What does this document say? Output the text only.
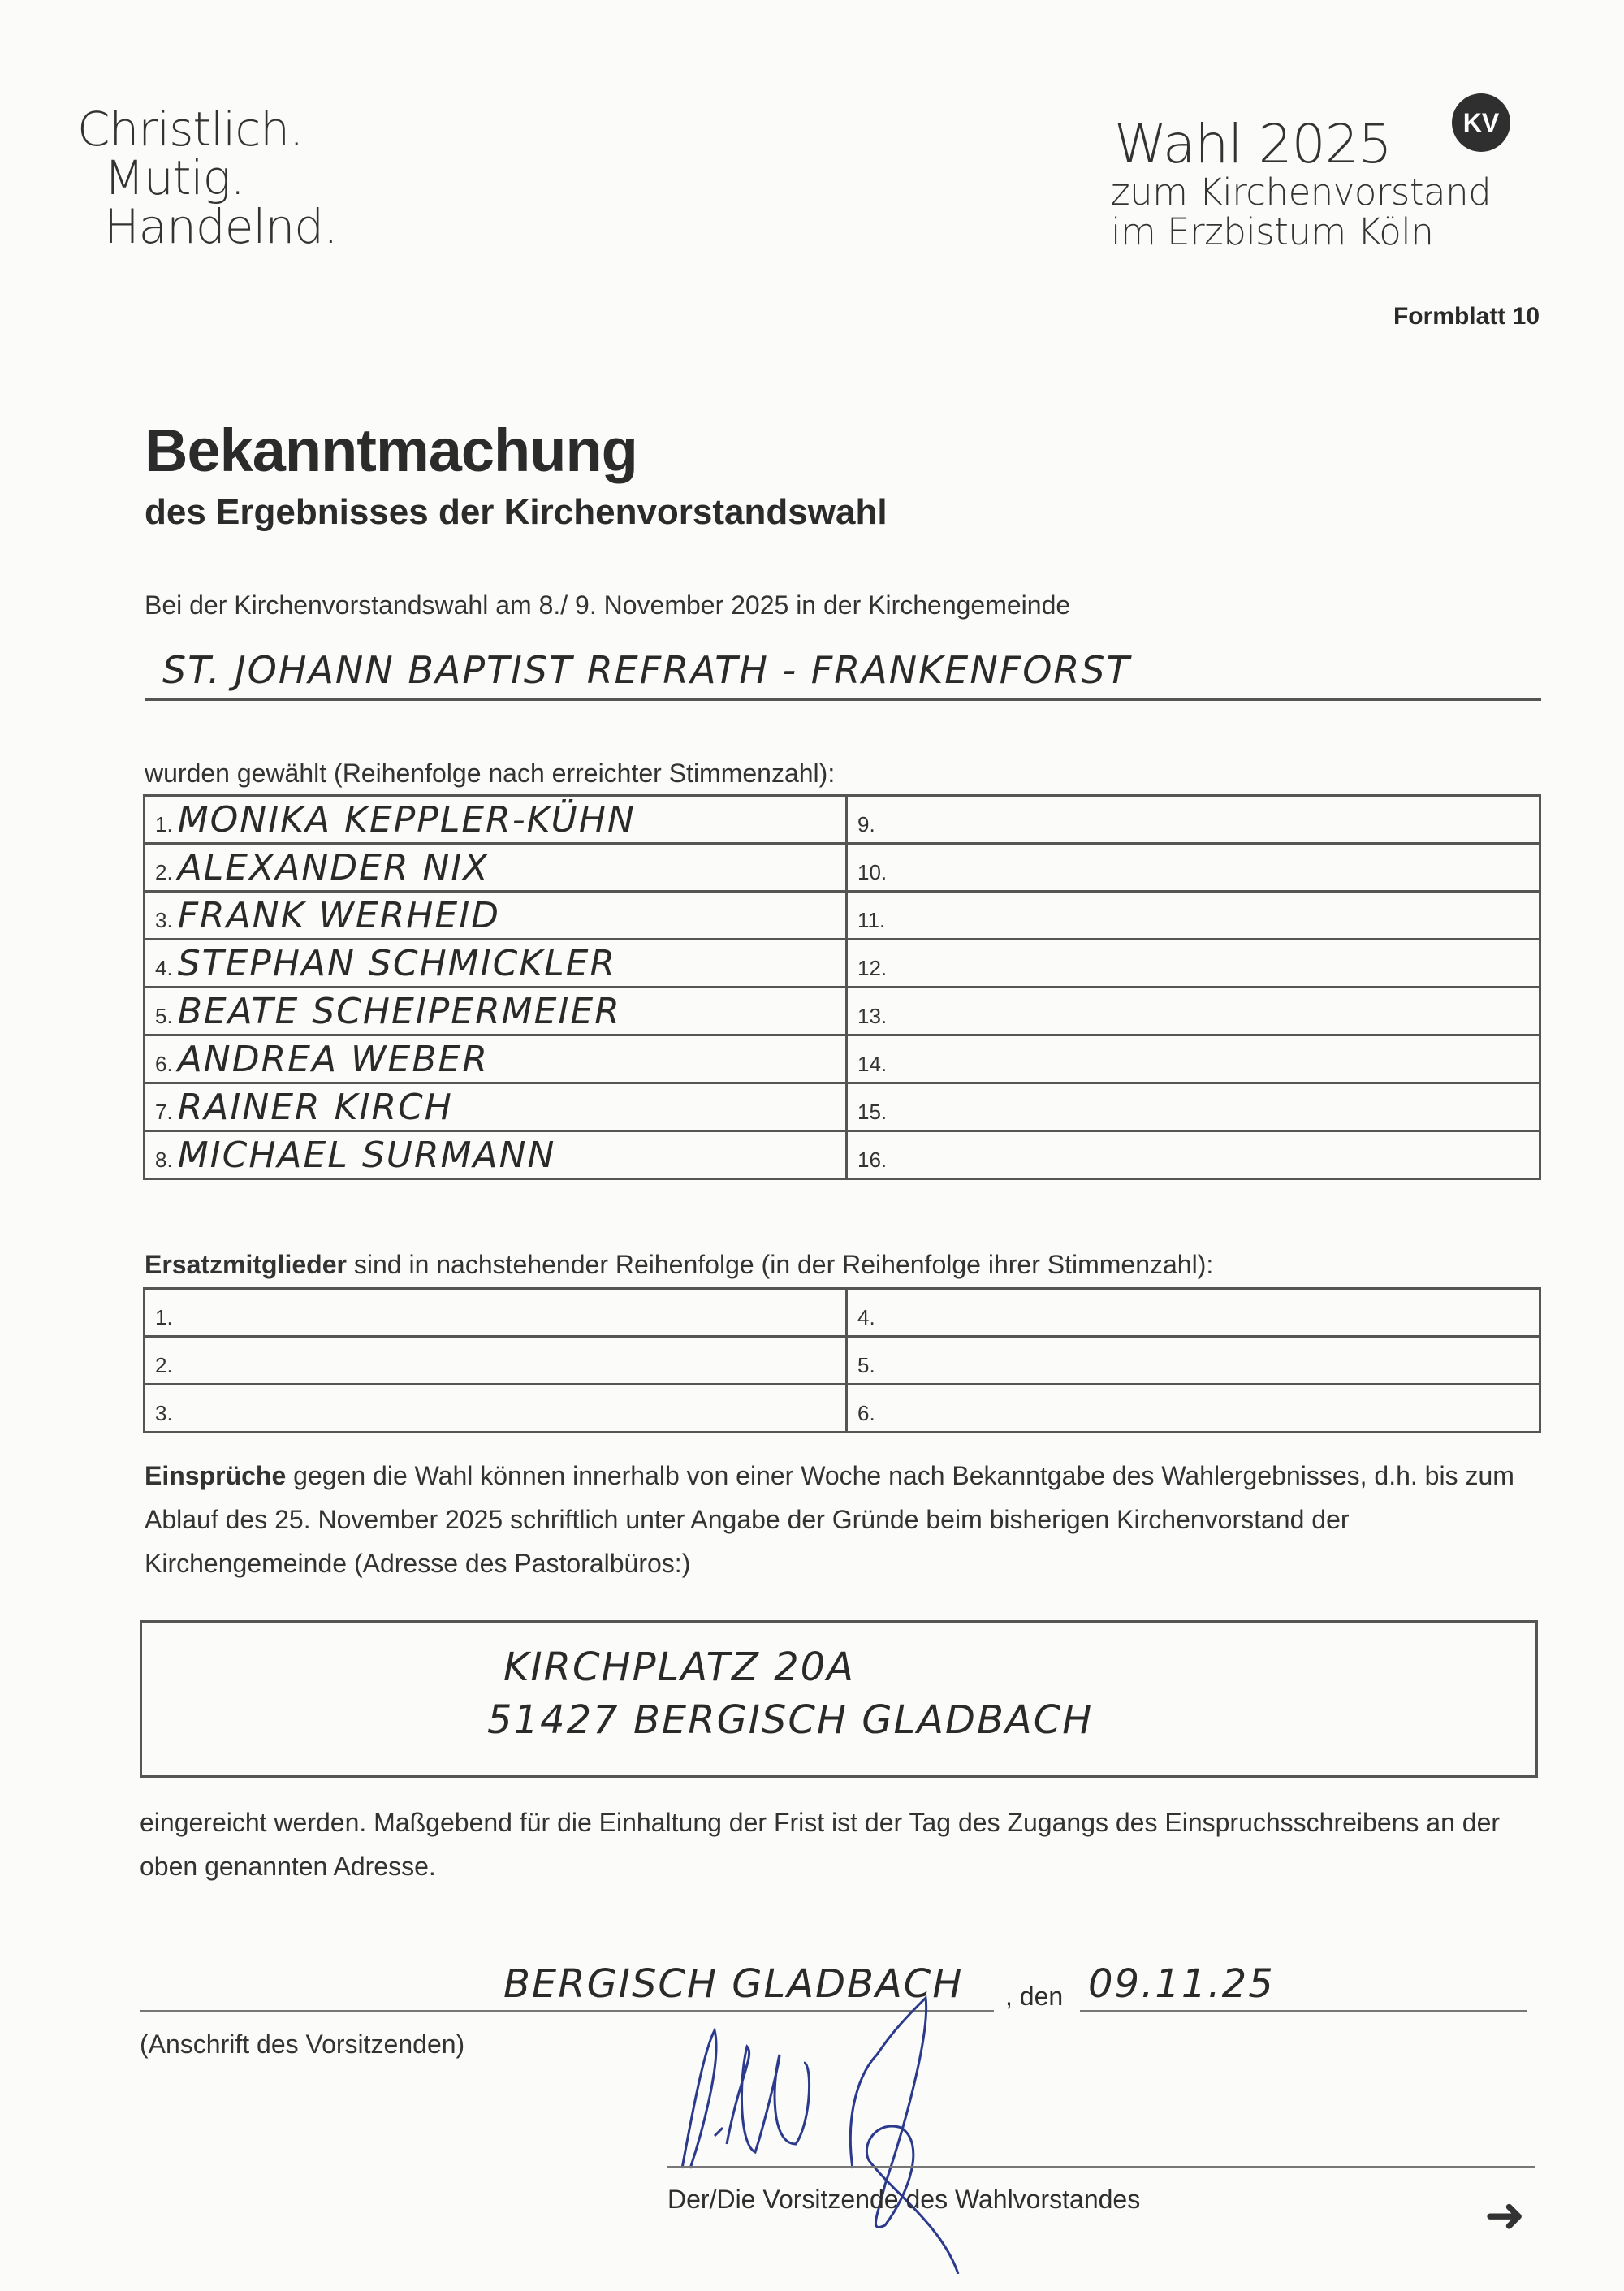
Christlich.
Mutig.
Handelnd.
Wahl 2025	KV
zum Kirchenvorstand
im Erzbistum Köln
Formblatt 10
Bekanntmachung
des Ergebnisses der Kirchenvorstandswahl
Bei der Kirchenvorstandswahl am 8./ 9. November 2025 in der Kirchengemeinde
ST. JOHANN BAPTIST REFRATH - FRANKENFORST
wurden gewählt (Reihenfolge nach erreichter Stimmenzahl):
1. MONIKA KEPPLER-KÜHN	9.
2. ALEXANDER NIX	10.
3. FRANK WERHEID	11.
4. STEPHAN SCHMICKLER	12.
5. BEATE SCHEIPERMEIER	13.
6. ANDREA WEBER	14.
7. RAINER KIRCH	15.
8. MICHAEL SURMANN	16.
Ersatzmitglieder sind in nachstehender Reihenfolge (in der Reihenfolge ihrer Stimmenzahl):
1.	4.
2.	5.
3.	6.
Einsprüche gegen die Wahl können innerhalb von einer Woche nach Bekanntgabe des Wahlergebnisses, d.h. bis zum Ablauf des 25. November 2025 schriftlich unter Angabe der Gründe beim bisherigen Kirchenvorstand der Kirchengemeinde (Adresse des Pastoralbüros:)
KIRCHPLATZ 20A
51427 BERGISCH GLADBACH
eingereicht werden. Maßgebend für die Einhaltung der Frist ist der Tag des Zugangs des Einspruchsschreibens an der oben genannten Adresse.
BERGISCH GLADBACH , den 09.11.25
(Anschrift des Vorsitzenden)
Der/Die Vorsitzende des Wahlvorstandes	➜
